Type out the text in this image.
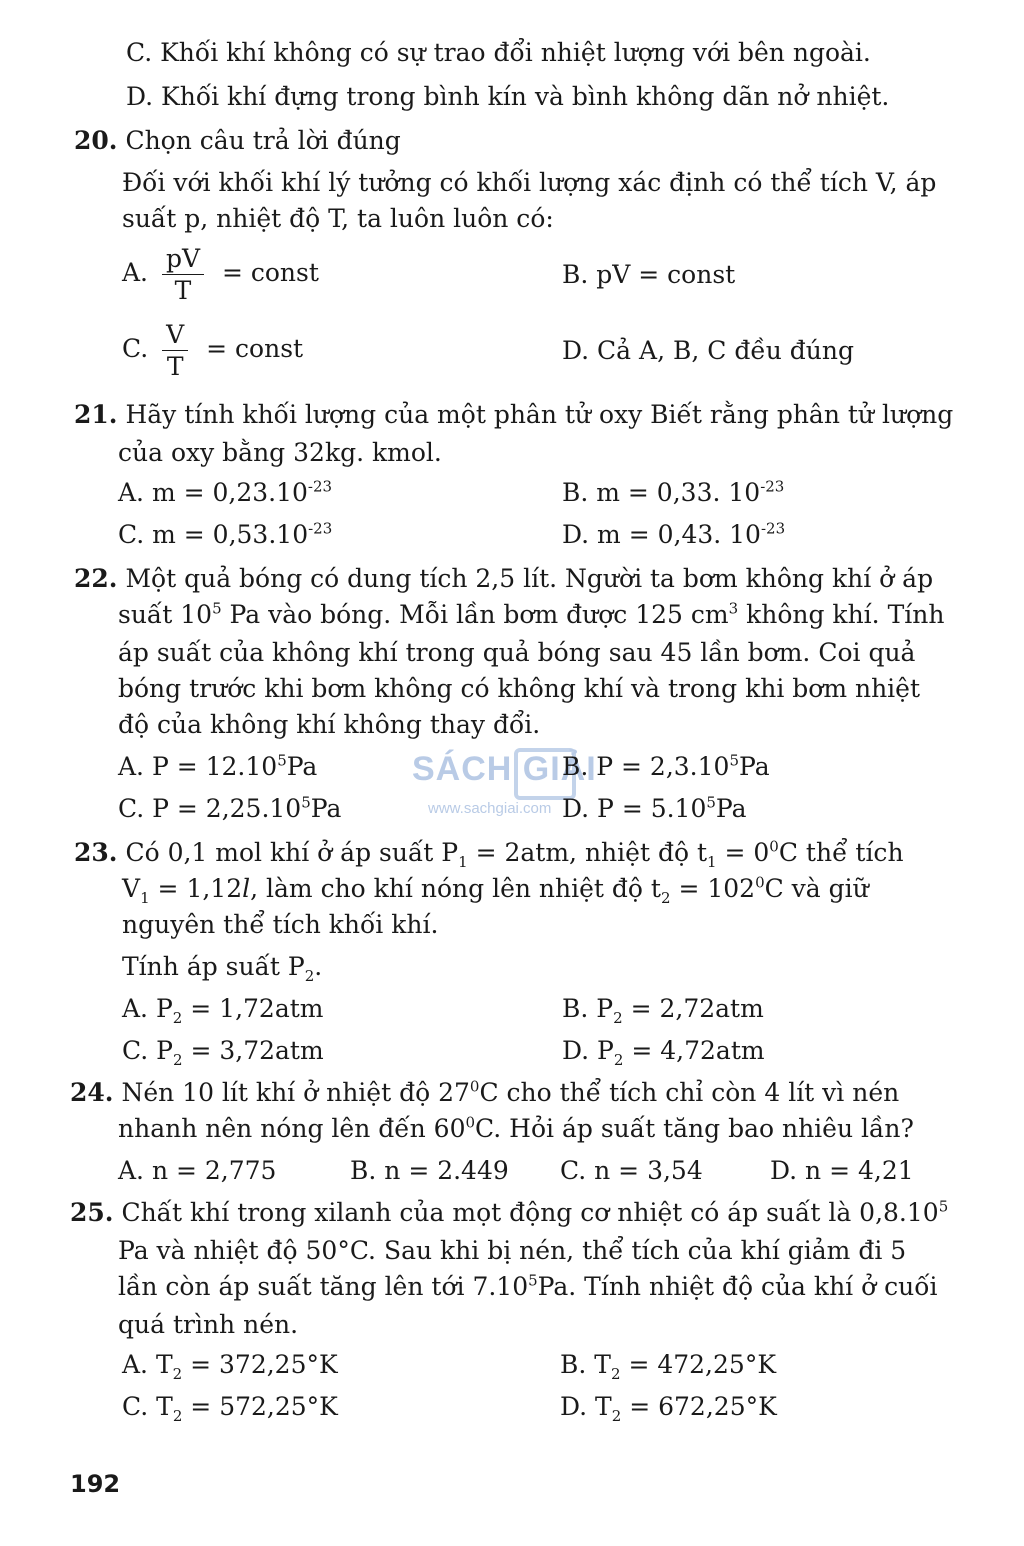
C. Khối khí không có sự trao đổi nhiệt lượng với bên ngoài.
D. Khối khí đựng trong bình kín và bình không dãn nở nhiệt.
20. Chọn câu trả lời đúng
Đối với khối khí lý tưởng có khối lượng xác định có thể tích V, áp
suất p, nhiệt độ T, ta luôn luôn có:
A. $\frac{pV}{T}$ = const	B. pV = const
C. $\frac{V}{T}$ = const	D. Cả A, B, C đều đúng
21. Hãy tính khối lượng của một phân tử oxy Biết rằng phân tử lượng
của oxy bằng 32kg. kmol.
A. $m = 0,23.10^{-23}$	B. m = 0,33. $10^{-23}$
C. $m = 0,53.10^{-23}$	D. m = 0,43. $10^{-23}$
22. Một quả bóng có dung tích 2,5 lít. Người ta bơm không khí ở áp
suất $10^5$ Pa vào bóng. Mỗi lần bơm được 125 $cm^3$ không khí. Tính
áp suất của không khí trong quả bóng sau 45 lần bơm. Coi quả
bóng trước khi bơm không có không khí và trong khi bơm nhiệt
độ của không khí không thay đổi.
SÁCH GIẢI
www.sachgiai.com
A. $P = 12.10^5Pa$	B. $P = 2,3.10^5Pa$
C. $P = 2,25.10^5Pa$	D. $P = 5.10^5Pa$
23. Có 0,1 mol khí ở áp suất $P_1 = 2atm$, nhiệt độ $t_1 = 0^0C$ thể tích
$V_1 = 1,12l$, làm cho khí nóng lên nhiệt độ $t_2 = 102^0C$ và giữ
nguyên thể tích khối khí.
Tính áp suất $P_2$.
A. $P_2 = 1,72atm$	B. $P_2 = 2,72atm$
C. $P_2 = 3,72atm$	D. $P_2 = 4,72atm$
24. Nén 10 lít khí ở nhiệt độ $27^0C$ cho thể tích chỉ còn 4 lít vì nén
nhanh nên nóng lên đến $60^0C$. Hỏi áp suất tăng bao nhiêu lần?
A. n = 2,775	B. n = 2.449 C. n = 3,54	D. n = 4,21
25. Chất khí trong xilanh của mọt động cơ nhiệt có áp suất là 0,8.10$^5$
Pa và nhiệt độ 50°C. Sau khi bị nén, thể tích của khí giảm đi 5
lần còn áp suất tăng lên tới 7.10$^5$Pa. Tính nhiệt độ của khí ở cuối
quá trình nén.
A. $T_2 = 372,25^\circ K$	B. $T_2 = 472,25^\circ K$
C. $T_2 = 572,25^\circ K$	D. $T_2 = 672,25^\circ K$
192
